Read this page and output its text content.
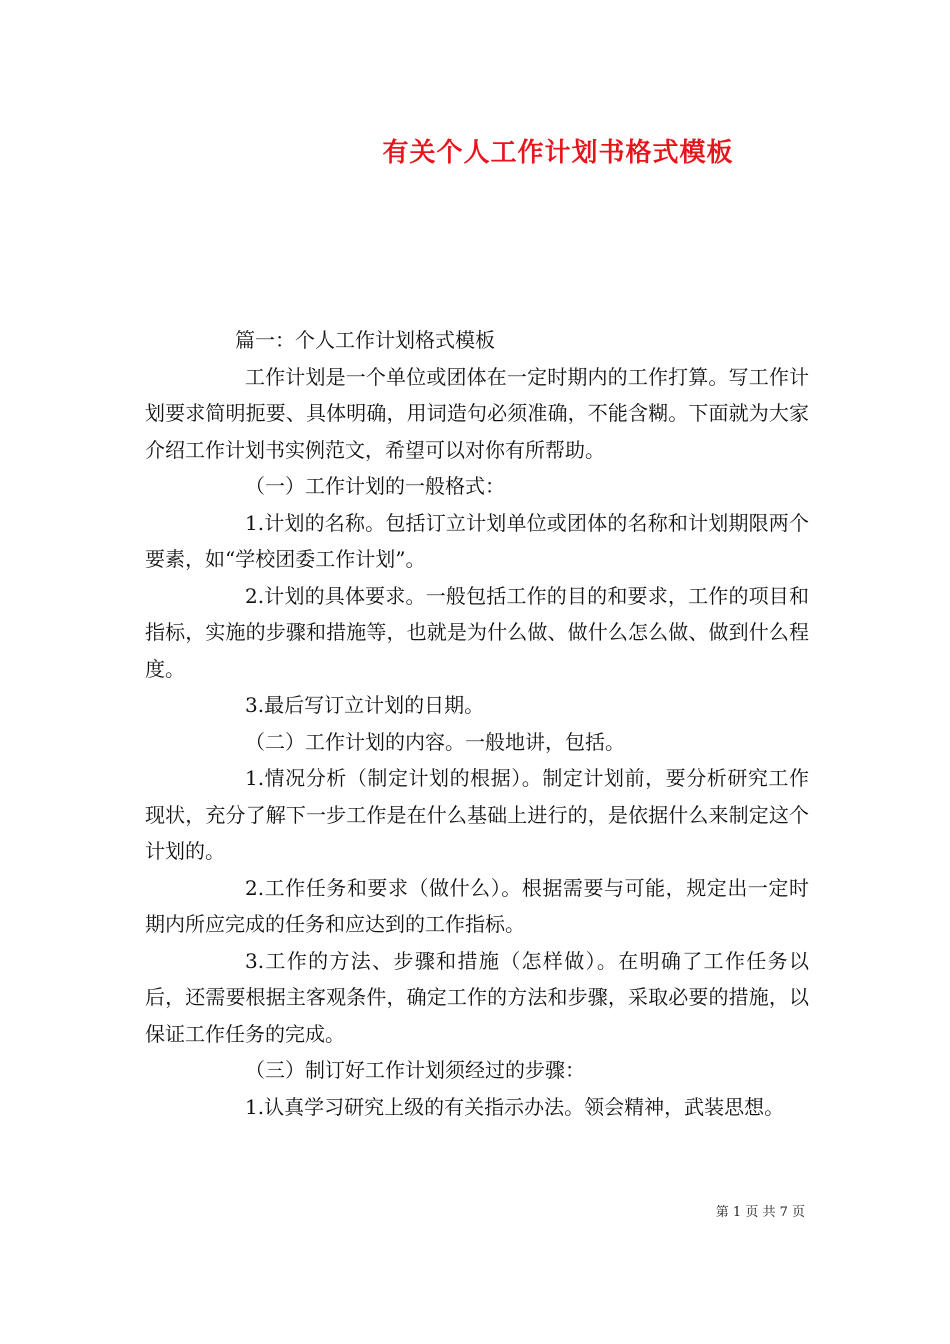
有关个人工作计划书格式模板

篇一：个人工作计划格式模板

工作计划是一个单位或团体在一定时期内的工作打算。写工作计划要求简明扼要、具体明确，用词造句必须准确，不能含糊。下面就为大家介绍工作计划书实例范文，希望可以对你有所帮助。

（一）工作计划的一般格式：

1.计划的名称。包括订立计划单位或团体的名称和计划期限两个要素，如“学校团委工作计划”。

2.计划的具体要求。一般包括工作的目的和要求，工作的项目和指标，实施的步骤和措施等，也就是为什么做、做什么怎么做、做到什么程度。

3.最后写订立计划的日期。

（二）工作计划的内容。一般地讲，包括。

1.情况分析（制定计划的根据）。制定计划前，要分析研究工作现状，充分了解下一步工作是在什么基础上进行的，是依据什么来制定这个计划的。

2.工作任务和要求（做什么）。根据需要与可能，规定出一定时期内所应完成的任务和应达到的工作指标。

3.工作的方法、步骤和措施（怎样做）。在明确了工作任务以后，还需要根据主客观条件，确定工作的方法和步骤，采取必要的措施，以保证工作任务的完成。

（三）制订好工作计划须经过的步骤：

1.认真学习研究上级的有关指示办法。领会精神，武装思想。

第 1 页 共 7 页
